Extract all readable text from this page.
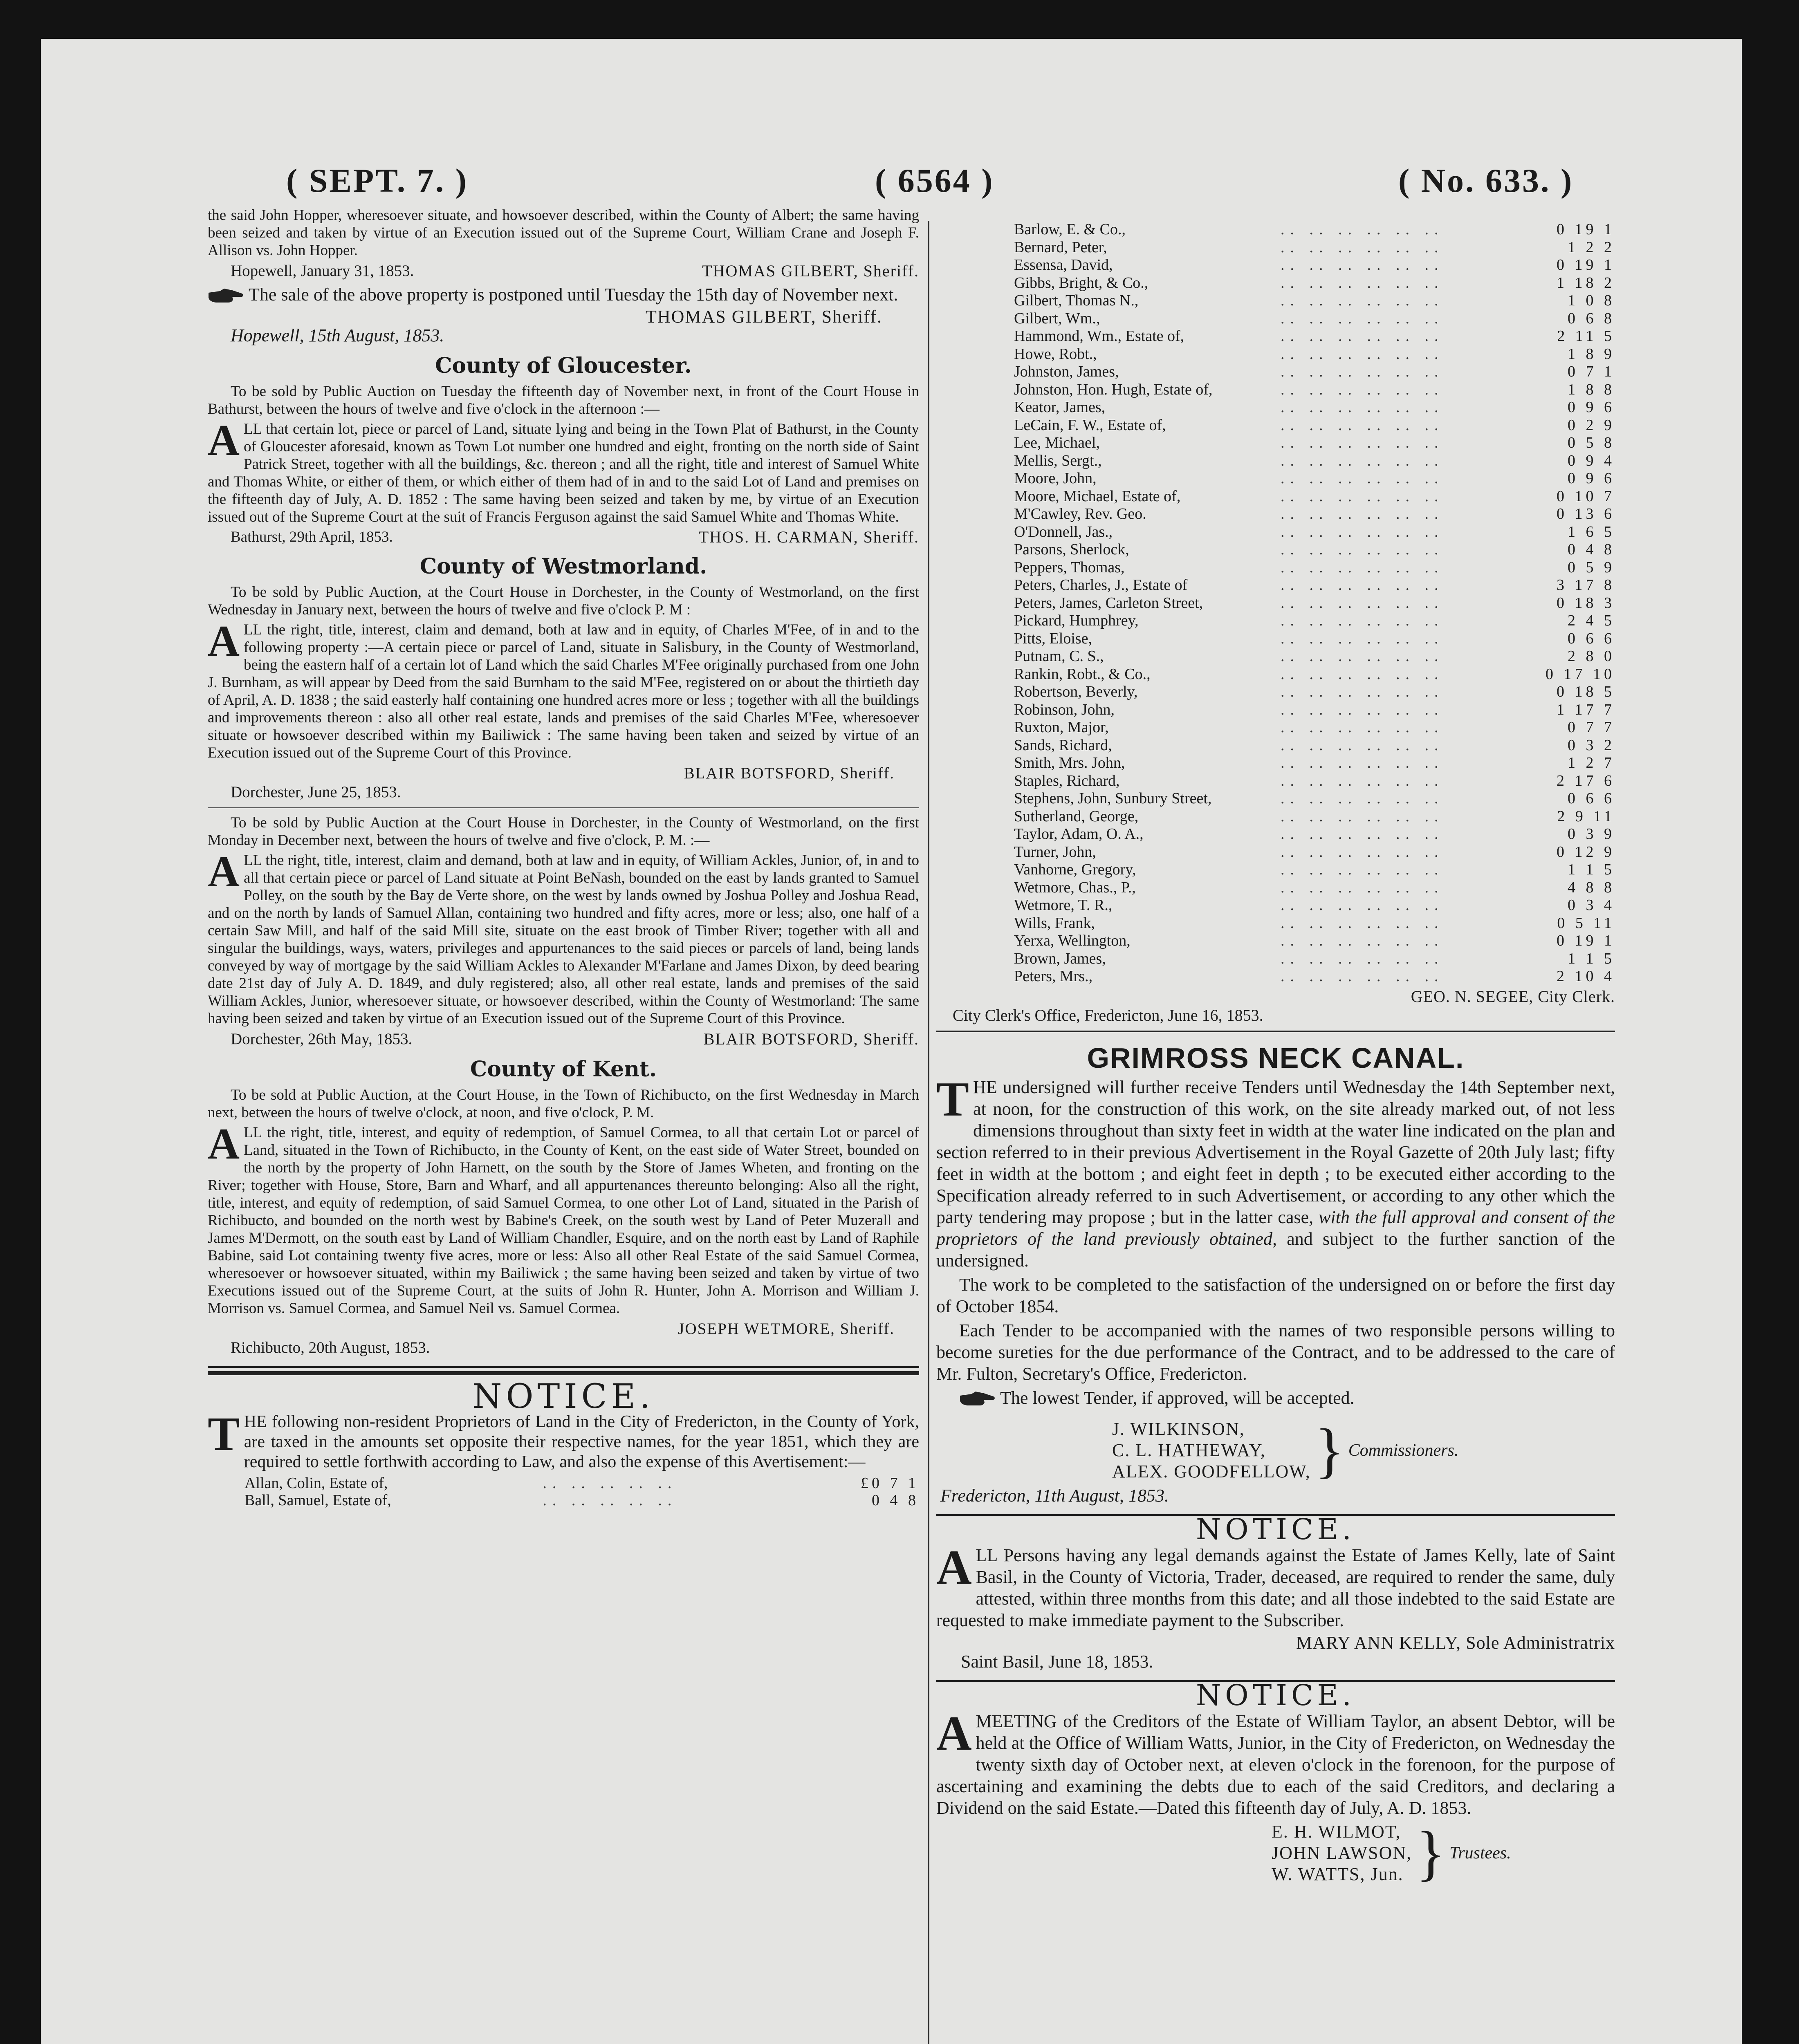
( SEPT. 7. )	( 6564 )	( No. 633. )

the said John Hopper, wheresoever situate, and howsoever described, within the County of Albert; the same having been seized and taken by virtue of an Execution issued out of the Supreme Court, William Crane and Joseph F. Allison vs. John Hopper.

Hopewell, January 31, 1853.	THOMAS GILBERT, Sheriff.

The sale of the above property is postponed until Tuesday the 15th day of November next.

THOMAS GILBERT, Sheriff.
Hopewell, 15th August, 1853.
County of Gloucester.

To be sold by Public Auction on Tuesday the fifteenth day of November next, in front of the Court House in Bathurst, between the hours of twelve and five o'clock in the afternoon :—

ALL that certain lot, piece or parcel of Land, situate lying and being in the Town Plat of Bathurst, in the County of Gloucester aforesaid, known as Town Lot number one hundred and eight, fronting on the north side of Saint Patrick Street, together with all the buildings, &c. thereon ; and all the right, title and interest of Samuel White and Thomas White, or either of them, or which either of them had of in and to the said Lot of Land and premises on the fifteenth day of July, A. D. 1852 : The same having been seized and taken by me, by virtue of an Execution issued out of the Supreme Court at the suit of Francis Ferguson against the said Samuel White and Thomas White.

Bathurst, 29th April, 1853.	THOS. H. CARMAN, Sheriff.
County of Westmorland.

To be sold by Public Auction, at the Court House in Dorchester, in the County of Westmorland, on the first Wednesday in January next, between the hours of twelve and five o'clock P. M :

ALL the right, title, interest, claim and demand, both at law and in equity, of Charles M'Fee, of in and to the following property :—A certain piece or parcel of Land, situate in Salisbury, in the County of Westmorland, being the eastern half of a certain lot of Land which the said Charles M'Fee originally purchased from one John J. Burnham, as will appear by Deed from the said Burnham to the said M'Fee, registered on or about the thirtieth day of April, A. D. 1838 ; the said easterly half containing one hundred acres more or less ; together with all the buildings and improvements thereon : also all other real estate, lands and premises of the said Charles M'Fee, wheresoever situate or howsoever described within my Bailiwick : The same having been taken and seized by virtue of an Execution issued out of the Supreme Court of this Province.

BLAIR BOTSFORD, Sheriff.
Dorchester, June 25, 1853.

To be sold by Public Auction at the Court House in Dorchester, in the County of Westmorland, on the first Monday in December next, between the hours of twelve and five o'clock, P. M. :—

ALL the right, title, interest, claim and demand, both at law and in equity, of William Ackles, Junior, of, in and to all that certain piece or parcel of Land situate at Point BeNash, bounded on the east by lands granted to Samuel Polley, on the south by the Bay de Verte shore, on the west by lands owned by Joshua Polley and Joshua Read, and on the north by lands of Samuel Allan, containing two hundred and fifty acres, more or less; also, one half of a certain Saw Mill, and half of the said Mill site, situate on the east brook of Timber River; together with all and singular the buildings, ways, waters, privileges and appurtenances to the said pieces or parcels of land, being lands conveyed by way of mortgage by the said William Ackles to Alexander M'Farlane and James Dixon, by deed bearing date 21st day of July A. D. 1849, and duly registered; also, all other real estate, lands and premises of the said William Ackles, Junior, wheresoever situate, or howsoever described, within the County of Westmorland: The same having been seized and taken by virtue of an Execution issued out of the Supreme Court of this Province.

Dorchester, 26th May, 1853.	BLAIR BOTSFORD, Sheriff.
County of Kent.

To be sold at Public Auction, at the Court House, in the Town of Richibucto, on the first Wednesday in March next, between the hours of twelve o'clock, at noon, and five o'clock, P. M.

ALL the right, title, interest, and equity of redemption, of Samuel Cormea, to all that certain Lot or parcel of Land, situated in the Town of Richibucto, in the County of Kent, on the east side of Water Street, bounded on the north by the property of John Harnett, on the south by the Store of James Wheten, and fronting on the River; together with House, Store, Barn and Wharf, and all appurtenances thereunto belonging: Also all the right, title, interest, and equity of redemption, of said Samuel Cormea, to one other Lot of Land, situated in the Parish of Richibucto, and bounded on the north west by Babine's Creek, on the south west by Land of Peter Muzerall and James M'Dermott, on the south east by Land of William Chandler, Esquire, and on the north east by Land of Raphile Babine, said Lot containing twenty five acres, more or less: Also all other Real Estate of the said Samuel Cormea, wheresoever or howsoever situated, within my Bailiwick ; the same having been seized and taken by virtue of two Executions issued out of the Supreme Court, at the suits of John R. Hunter, John A. Morrison and William J. Morrison vs. Samuel Cormea, and Samuel Neil vs. Samuel Cormea.

JOSEPH WETMORE, Sheriff.
Richibucto, 20th August, 1853.
NOTICE.

THE following non-resident Proprietors of Land in the City of Fredericton, in the County of York, are taxed in the amounts set opposite their respective names, for the year 1851, which they are required to settle forthwith according to Law, and also the expense of this Avertisement:—

Allan, Colin, Estate of,	.. .. .. .. ..	£0 7 1
Ball, Samuel, Estate of,	.. .. .. .. ..	0 4 8
Barlow, E. & Co.,	.. .. .. .. .. ..	0 19 1
Bernard, Peter,	.. .. .. .. .. ..	1 2 2
Essensa, David,	.. .. .. .. .. ..	0 19 1
Gibbs, Bright, & Co.,	.. .. .. .. .. ..	1 18 2
Gilbert, Thomas N.,	.. .. .. .. .. ..	1 0 8
Gilbert, Wm.,	.. .. .. .. .. ..	0 6 8
Hammond, Wm., Estate of,	.. .. .. .. .. ..	2 11 5
Howe, Robt.,	.. .. .. .. .. ..	1 8 9
Johnston, James,	.. .. .. .. .. ..	0 7 1
Johnston, Hon. Hugh, Estate of,	.. .. .. .. .. ..	1 8 8
Keator, James,	.. .. .. .. .. ..	0 9 6
LeCain, F. W., Estate of,	.. .. .. .. .. ..	0 2 9
Lee, Michael,	.. .. .. .. .. ..	0 5 8
Mellis, Sergt.,	.. .. .. .. .. ..	0 9 4
Moore, John,	.. .. .. .. .. ..	0 9 6
Moore, Michael, Estate of,	.. .. .. .. .. ..	0 10 7
M'Cawley, Rev. Geo.	.. .. .. .. .. ..	0 13 6
O'Donnell, Jas.,	.. .. .. .. .. ..	1 6 5
Parsons, Sherlock,	.. .. .. .. .. ..	0 4 8
Peppers, Thomas,	.. .. .. .. .. ..	0 5 9
Peters, Charles, J., Estate of	.. .. .. .. .. ..	3 17 8
Peters, James, Carleton Street,	.. .. .. .. .. ..	0 18 3
Pickard, Humphrey,	.. .. .. .. .. ..	2 4 5
Pitts, Eloise,	.. .. .. .. .. ..	0 6 6
Putnam, C. S.,	.. .. .. .. .. ..	2 8 0
Rankin, Robt., & Co.,	.. .. .. .. .. ..	0 17 10
Robertson, Beverly,	.. .. .. .. .. ..	0 18 5
Robinson, John,	.. .. .. .. .. ..	1 17 7
Ruxton, Major,	.. .. .. .. .. ..	0 7 7
Sands, Richard,	.. .. .. .. .. ..	0 3 2
Smith, Mrs. John,	.. .. .. .. .. ..	1 2 7
Staples, Richard,	.. .. .. .. .. ..	2 17 6
Stephens, John, Sunbury Street,	.. .. .. .. .. ..	0 6 6
Sutherland, George,	.. .. .. .. .. ..	2 9 11
Taylor, Adam, O. A.,	.. .. .. .. .. ..	0 3 9
Turner, John,	.. .. .. .. .. ..	0 12 9
Vanhorne, Gregory,	.. .. .. .. .. ..	1 1 5
Wetmore, Chas., P.,	.. .. .. .. .. ..	4 8 8
Wetmore, T. R.,	.. .. .. .. .. ..	0 3 4
Wills, Frank,	.. .. .. .. .. ..	0 5 11
Yerxa, Wellington,	.. .. .. .. .. ..	0 19 1
Brown, James,	.. .. .. .. .. ..	1 1 5
Peters, Mrs.,	.. .. .. .. .. ..	2 10 4
GEO. N. SEGEE, City Clerk.
City Clerk's Office, Fredericton, June 16, 1853.
GRIMROSS NECK CANAL.

THE undersigned will further receive Tenders until Wednesday the 14th September next, at noon, for the construction of this work, on the site already marked out, of not less dimensions throughout than sixty feet in width at the water line indicated on the plan and section referred to in their previous Advertisement in the Royal Gazette of 20th July last; fifty feet in width at the bottom ; and eight feet in depth ; to be executed either according to the Specification already referred to in such Advertisement, or according to any other which the party tendering may propose ; but in the latter case, with the full approval and consent of the proprietors of the land previously obtained, and subject to the further sanction of the undersigned.

The work to be completed to the satisfaction of the undersigned on or before the first day of October 1854.

Each Tender to be accompanied with the names of two responsible persons willing to become sureties for the due performance of the Contract, and to be addressed to the care of Mr. Fulton, Secretary's Office, Fredericton.

The lowest Tender, if approved, will be accepted.

J. WILKINSON,
C. L. HATHEWAY,
ALEX. GOODFELLOW, } Commissioners.
Fredericton, 11th August, 1853.
NOTICE.

ALL Persons having any legal demands against the Estate of James Kelly, late of Saint Basil, in the County of Victoria, Trader, deceased, are required to render the same, duly attested, within three months from this date; and all those indebted to the said Estate are requested to make immediate payment to the Subscriber.

MARY ANN KELLY, Sole Administratrix
Saint Basil, June 18, 1853.
NOTICE.

AMEETING of the Creditors of the Estate of William Taylor, an absent Debtor, will be held at the Office of William Watts, Junior, in the City of Fredericton, on Wednesday the twenty sixth day of October next, at eleven o'clock in the forenoon, for the purpose of ascertaining and examining the debts due to each of the said Creditors, and declaring a Dividend on the said Estate.—Dated this fifteenth day of July, A. D. 1853.

E. H. WILMOT,
JOHN LAWSON,
W. WATTS, Jun. } Trustees.
